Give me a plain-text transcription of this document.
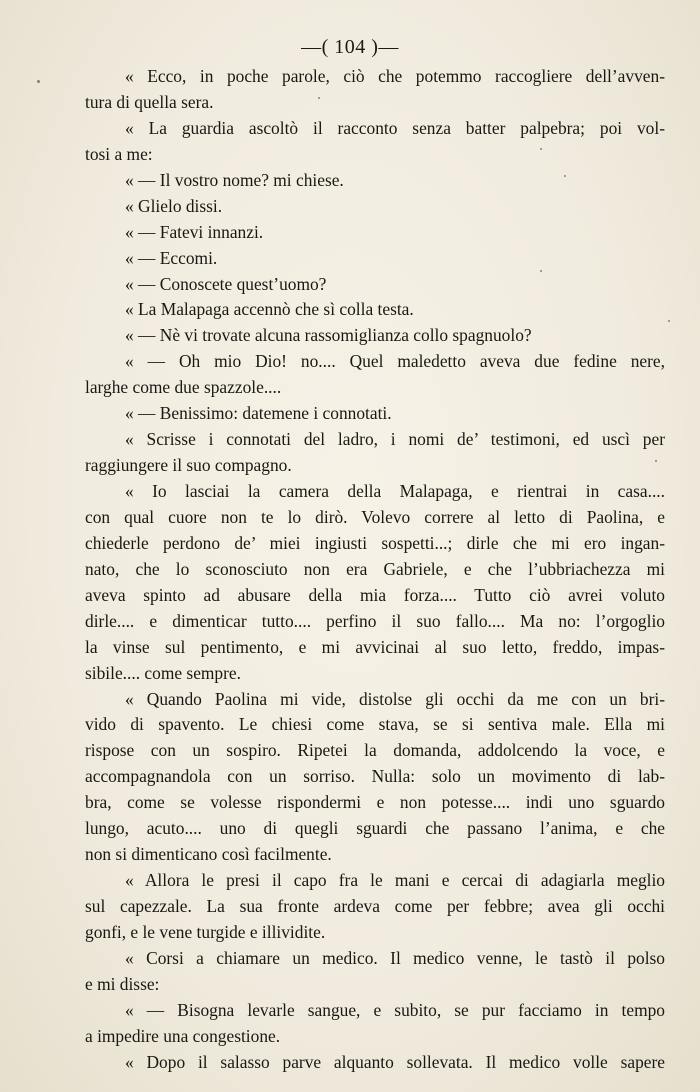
—( 104 )—
« Ecco, in poche parole, ciò che potemmo raccogliere dell’avven-
tura di quella sera.
« La guardia ascoltò il racconto senza batter palpebra; poi vol-
tosi a me:
« — Il vostro nome? mi chiese.
« Glielo dissi.
« — Fatevi innanzi.
« — Eccomi.
« — Conoscete quest’uomo?
« La Malapaga accennò che sì colla testa.
« — Nè vi trovate alcuna rassomiglianza collo spagnuolo?
« — Oh mio Dio! no.... Quel maledetto aveva due fedine nere,
larghe come due spazzole....
« — Benissimo: datemene i connotati.
« Scrisse i connotati del ladro, i nomi de’ testimoni, ed uscì per
raggiungere il suo compagno.
« Io lasciai la camera della Malapaga, e rientrai in casa....
con qual cuore non te lo dirò. Volevo correre al letto di Paolina, e
chiederle perdono de’ miei ingiusti sospetti...; dirle che mi ero ingan-
nato, che lo sconosciuto non era Gabriele, e che l’ubbriachezza mi
aveva spinto ad abusare della mia forza.... Tutto ciò avrei voluto
dirle.... e dimenticar tutto.... perfino il suo fallo.... Ma no: l’orgoglio
la vinse sul pentimento, e mi avvicinai al suo letto, freddo, impas-
sibile.... come sempre.
« Quando Paolina mi vide, distolse gli occhi da me con un bri-
vido di spavento. Le chiesi come stava, se si sentiva male. Ella mi
rispose con un sospiro. Ripetei la domanda, addolcendo la voce, e
accompagnandola con un sorriso. Nulla: solo un movimento di lab-
bra, come se volesse rispondermi e non potesse.... indi uno sguardo
lungo, acuto.... uno di quegli sguardi che passano l’anima, e che
non si dimenticano così facilmente.
« Allora le presi il capo fra le mani e cercai di adagiarla meglio
sul capezzale. La sua fronte ardeva come per febbre; avea gli occhi
gonfi, e le vene turgide e illividite.
« Corsi a chiamare un medico. Il medico venne, le tastò il polso
e mi disse:
« — Bisogna levarle sangue, e subito, se pur facciamo in tempo
a impedire una congestione.
« Dopo il salasso parve alquanto sollevata. Il medico volle sapere
